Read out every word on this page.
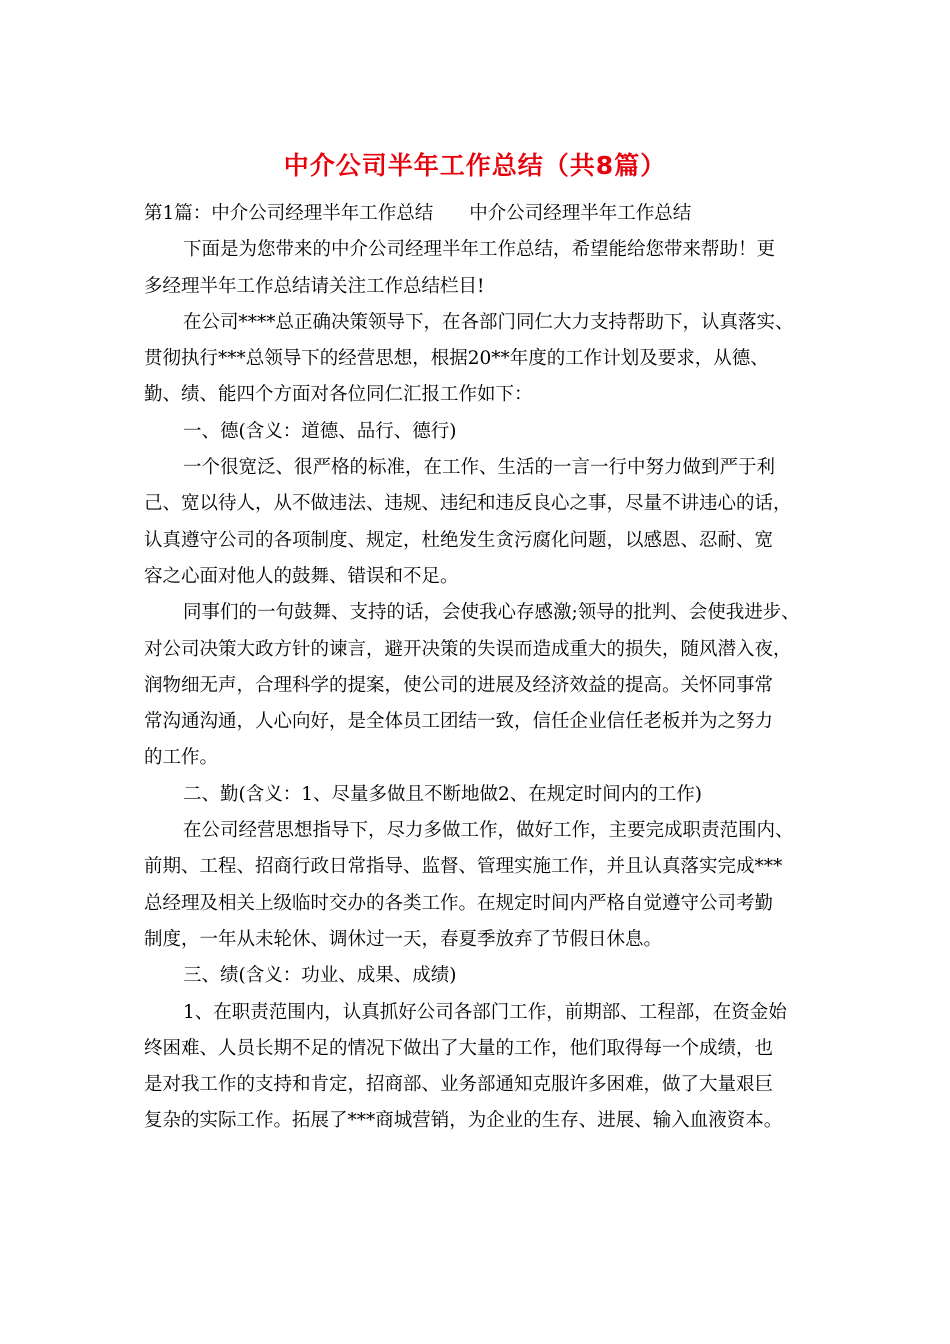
中介公司半年工作总结（共8篇）
第1篇：中介公司经理半年工作总结 中介公司经理半年工作总结
下面是为您带来的中介公司经理半年工作总结，希望能给您带来帮助！更
多经理半年工作总结请关注工作总结栏目!
在公司****总正确决策领导下，在各部门同仁大力支持帮助下，认真落实、
贯彻执行***总领导下的经营思想，根据20**年度的工作计划及要求，从德、
勤、绩、能四个方面对各位同仁汇报工作如下：
一、德(含义：道德、品行、德行)
一个很宽泛、很严格的标准，在工作、生活的一言一行中努力做到严于利
己、宽以待人，从不做违法、违规、违纪和违反良心之事，尽量不讲违心的话，
认真遵守公司的各项制度、规定，杜绝发生贪污腐化问题，以感恩、忍耐、宽
容之心面对他人的鼓舞、错误和不足。
同事们的一句鼓舞、支持的话，会使我心存感激;领导的批判、会使我进步、
对公司决策大政方针的谏言，避开决策的失误而造成重大的损失，随风潜入夜，
润物细无声，合理科学的提案，使公司的进展及经济效益的提高。关怀同事常
常沟通沟通，人心向好，是全体员工团结一致，信任企业信任老板并为之努力
的工作。
二、勤(含义：1、尽量多做且不断地做2、在规定时间内的工作)
在公司经营思想指导下，尽力多做工作，做好工作，主要完成职责范围内、
前期、工程、招商行政日常指导、监督、管理实施工作，并且认真落实完成***
总经理及相关上级临时交办的各类工作。在规定时间内严格自觉遵守公司考勤
制度，一年从未轮休、调休过一天，春夏季放弃了节假日休息。
三、绩(含义：功业、成果、成绩)
1、在职责范围内，认真抓好公司各部门工作，前期部、工程部，在资金始
终困难、人员长期不足的情况下做出了大量的工作，他们取得每一个成绩，也
是对我工作的支持和肯定，招商部、业务部通知克服许多困难，做了大量艰巨
复杂的实际工作。拓展了***商城营销，为企业的生存、进展、输入血液资本。
